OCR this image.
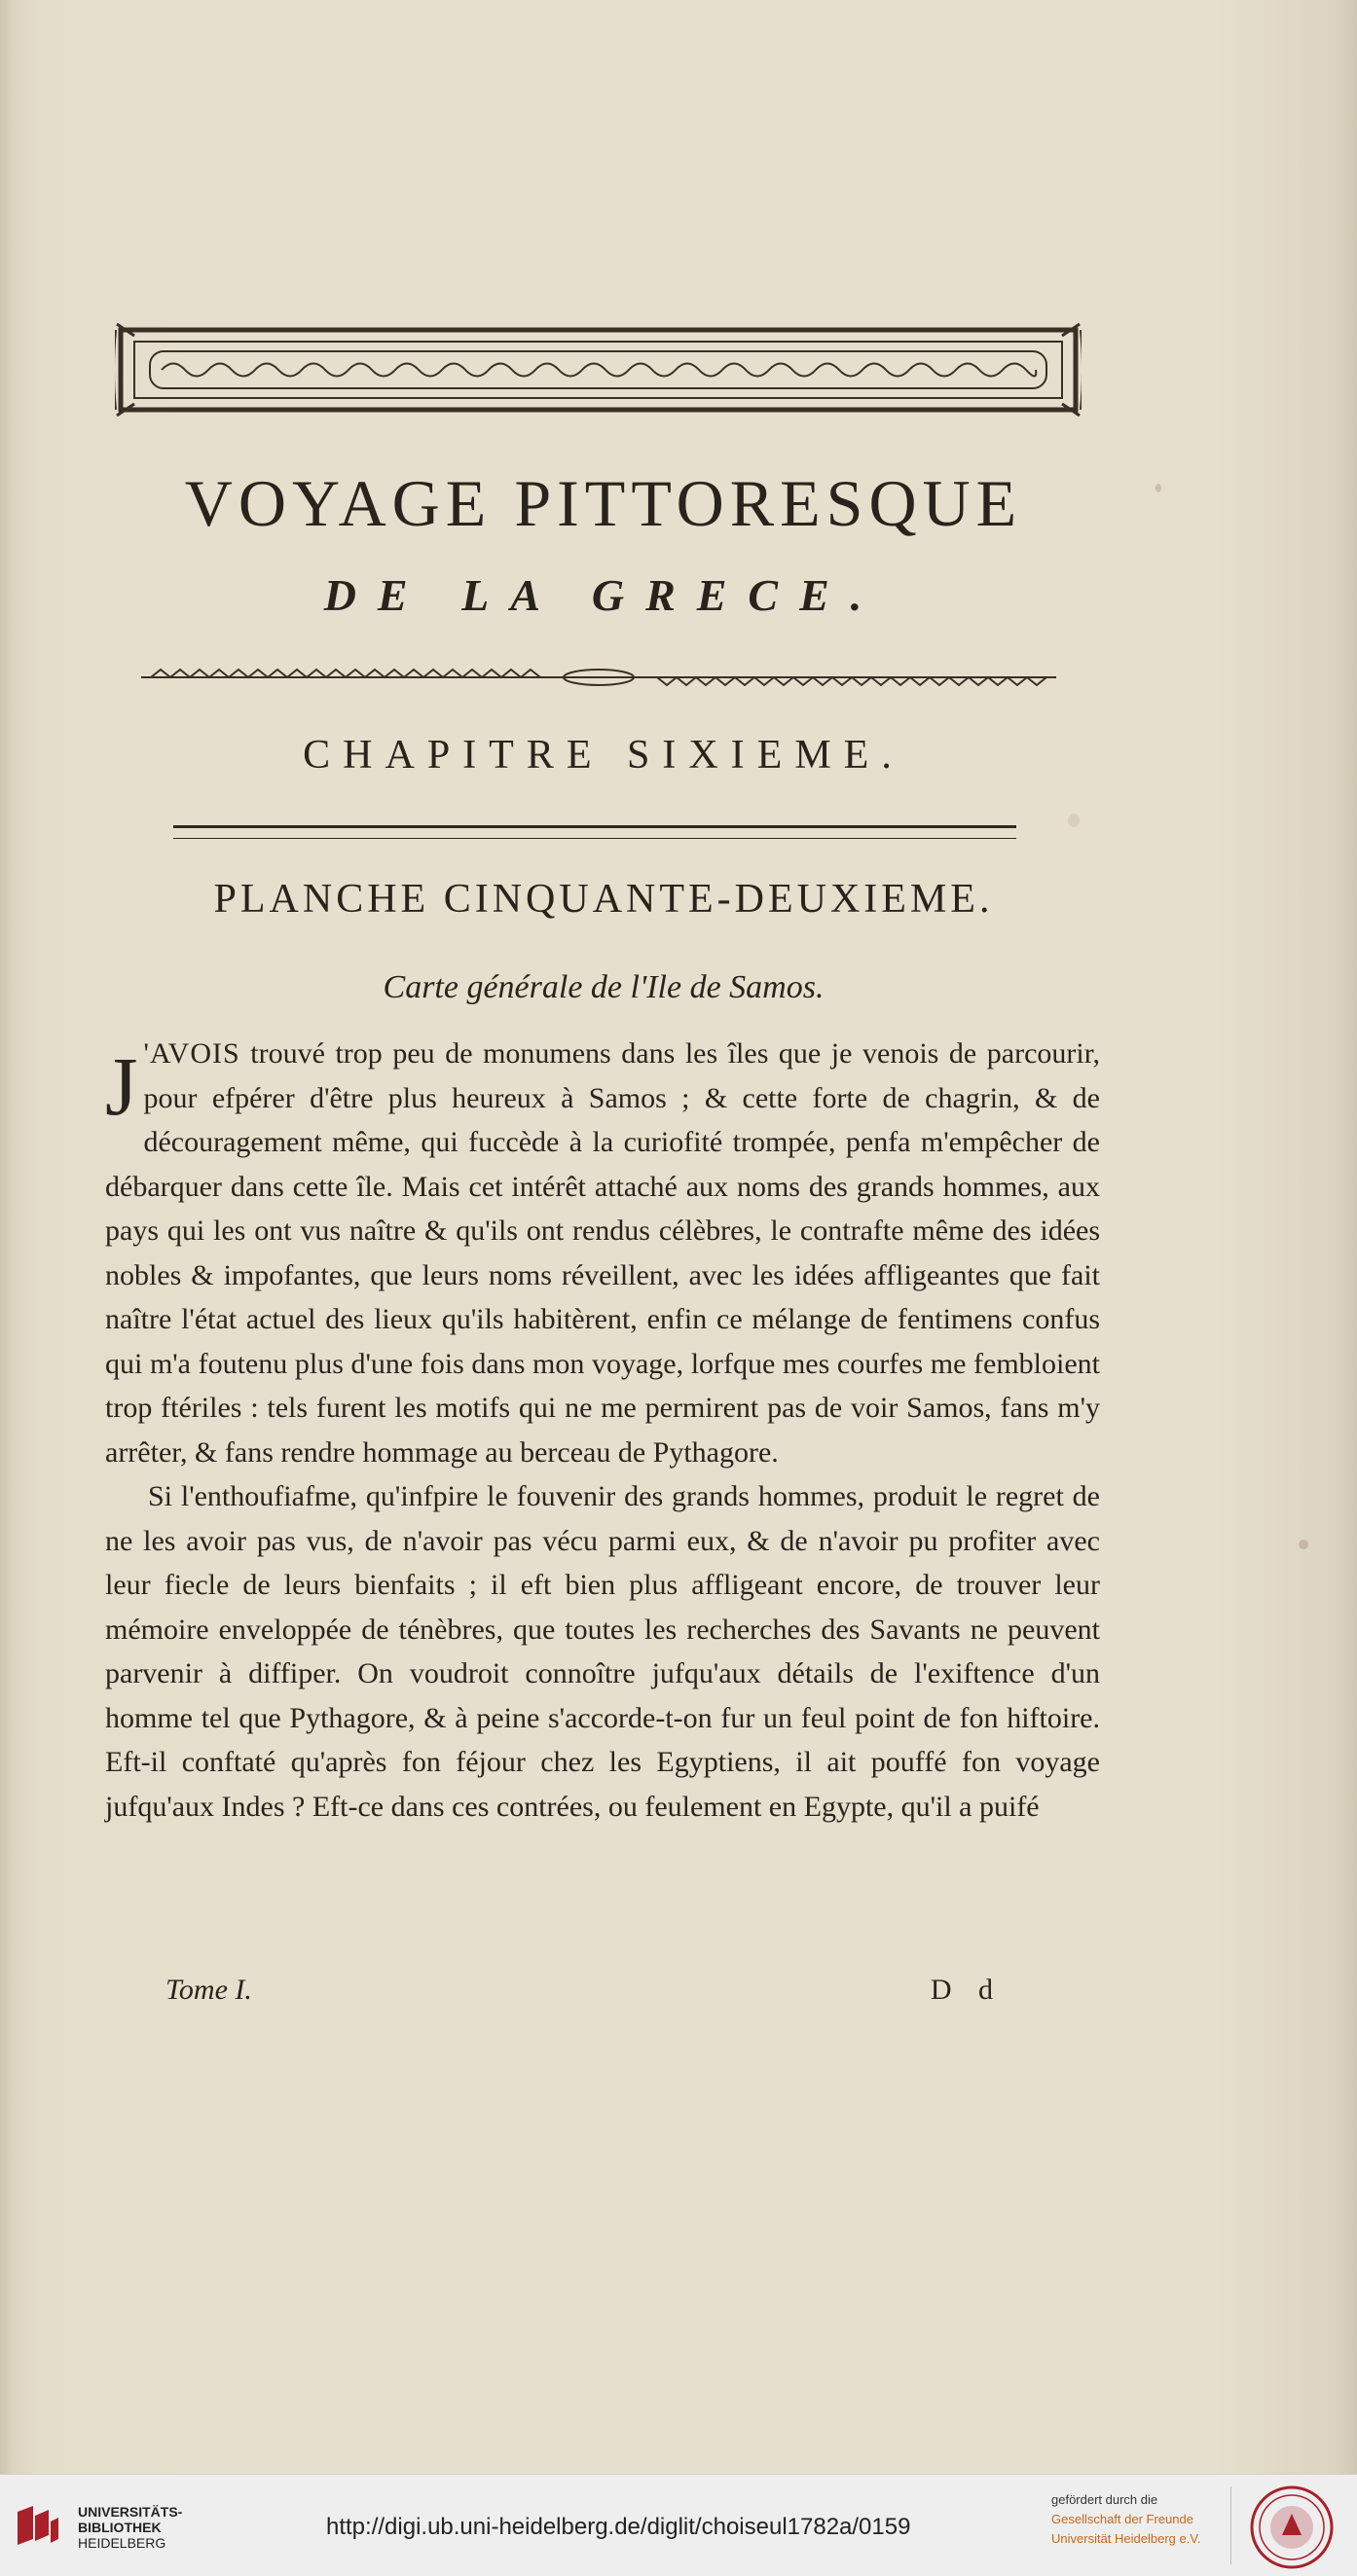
VOYAGE PITTORESQUE
DE LA GRECE.
CHAPITRE SIXIEME.
PLANCHE CINQUANTE-DEUXIEME.
Carte générale de l'Ile de Samos.

J 'AVOIS trouvé trop peu de monumens dans les îles que je venois de parcourir, pour efpérer d'être plus heureux à Samos ; & cette forte de chagrin, & de découragement même, qui fuccède à la curiofité trompée, penfa m'empêcher de débarquer dans cette île. Mais cet intérêt attaché aux noms des grands hommes, aux pays qui les ont vus naître & qu'ils ont rendus célèbres, le contrafte même des idées nobles & impofantes, que leurs noms réveillent, avec les idées affligeantes que fait naître l'état actuel des lieux qu'ils habitèrent, enfin ce mélange de fentimens confus qui m'a foutenu plus d'une fois dans mon voyage, lorfque mes courfes me fembloient trop ftériles : tels furent les motifs qui ne me permirent pas de voir Samos, fans m'y arrêter, & fans rendre hommage au berceau de Pythagore.

Si l'enthoufiafme, qu'infpire le fouvenir des grands hommes, produit le regret de ne les avoir pas vus, de n'avoir pas vécu parmi eux, & de n'avoir pu profiter avec leur fiecle de leurs bienfaits ; il eft bien plus affligeant encore, de trouver leur mémoire enveloppée de ténèbres, que toutes les recherches des Savants ne peuvent parvenir à diffiper. On voudroit connoître jufqu'aux détails de l'exiftence d'un homme tel que Pythagore, & à peine s'accorde-t-on fur un feul point de fon hiftoire. Eft-il conftaté qu'après fon féjour chez les Egyptiens, il ait pouffé fon voyage jufqu'aux Indes ? Eft-ce dans ces contrées, ou feulement en Egypte, qu'il a puifé

Tome I.	D d
UNIVERSITÄTS-
BIBLIOTHEK
HEIDELBERG
http://digi.ub.uni-heidelberg.de/diglit/choiseul1782a/0159
gefördert durch die
Gesellschaft der Freunde
Universität Heidelberg e.V.
